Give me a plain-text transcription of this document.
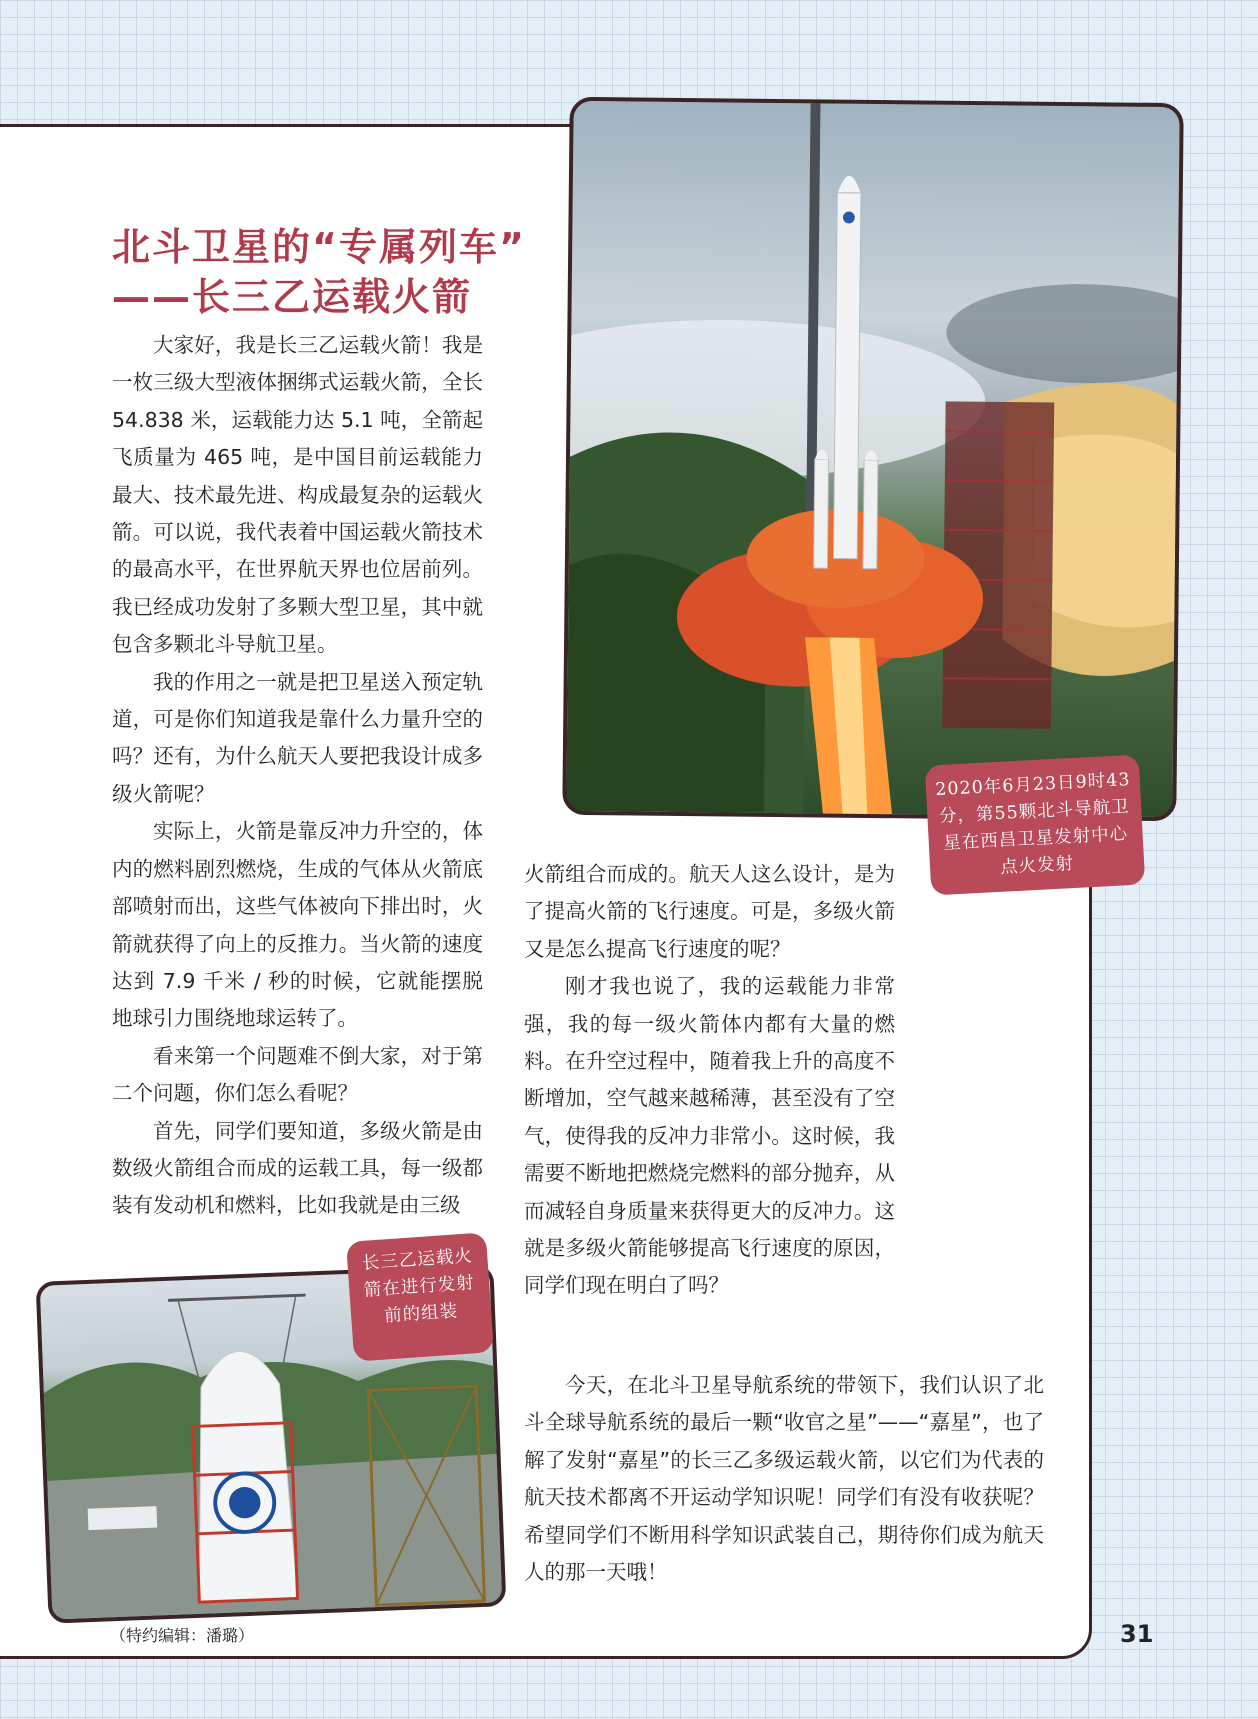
北斗卫星的“专属列车”
——长三乙运载火箭

大家好，我是长三乙运载火箭！我是一枚三级大型液体捆绑式运载火箭，全长 54.838 米，运载能力达 5.1 吨，全箭起飞质量为 465 吨，是中国目前运载能力最大、技术最先进、构成最复杂的运载火箭。可以说，我代表着中国运载火箭技术的最高水平，在世界航天界也位居前列。我已经成功发射了多颗大型卫星，其中就包含多颗北斗导航卫星。

我的作用之一就是把卫星送入预定轨道，可是你们知道我是靠什么力量升空的吗？还有，为什么航天人要把我设计成多级火箭呢？

实际上，火箭是靠反冲力升空的，体内的燃料剧烈燃烧，生成的气体从火箭底部喷射而出，这些气体被向下排出时，火箭就获得了向上的反推力。当火箭的速度达到 7.9 千米 / 秒的时候，它就能摆脱地球引力围绕地球运转了。

看来第一个问题难不倒大家，对于第二个问题，你们怎么看呢？

首先，同学们要知道，多级火箭是由数级火箭组合而成的运载工具，每一级都装有发动机和燃料，比如我就是由三级

火箭组合而成的。航天人这么设计，是为了提高火箭的飞行速度。可是，多级火箭又是怎么提高飞行速度的呢？

刚才我也说了，我的运载能力非常强，我的每一级火箭体内都有大量的燃料。在升空过程中，随着我上升的高度不断增加，空气越来越稀薄，甚至没有了空气，使得我的反冲力非常小。这时候，我需要不断地把燃烧完燃料的部分抛弃，从而减轻自身质量来获得更大的反冲力。这就是多级火箭能够提高飞行速度的原因，同学们现在明白了吗？

今天，在北斗卫星导航系统的带领下，我们认识了北斗全球导航系统的最后一颗“收官之星”——“嘉星”，也了解了发射“嘉星”的长三乙多级运载火箭，以它们为代表的航天技术都离不开运动学知识呢！同学们有没有收获呢？希望同学们不断用科学知识武装自己，期待你们成为航天人的那一天哦！

2020年6月23日9时43分，第55颗北斗导航卫星在西昌卫星发射中心点火发射
长三乙运载火箭在进行发射前的组装
（特约编辑：潘璐）	31
